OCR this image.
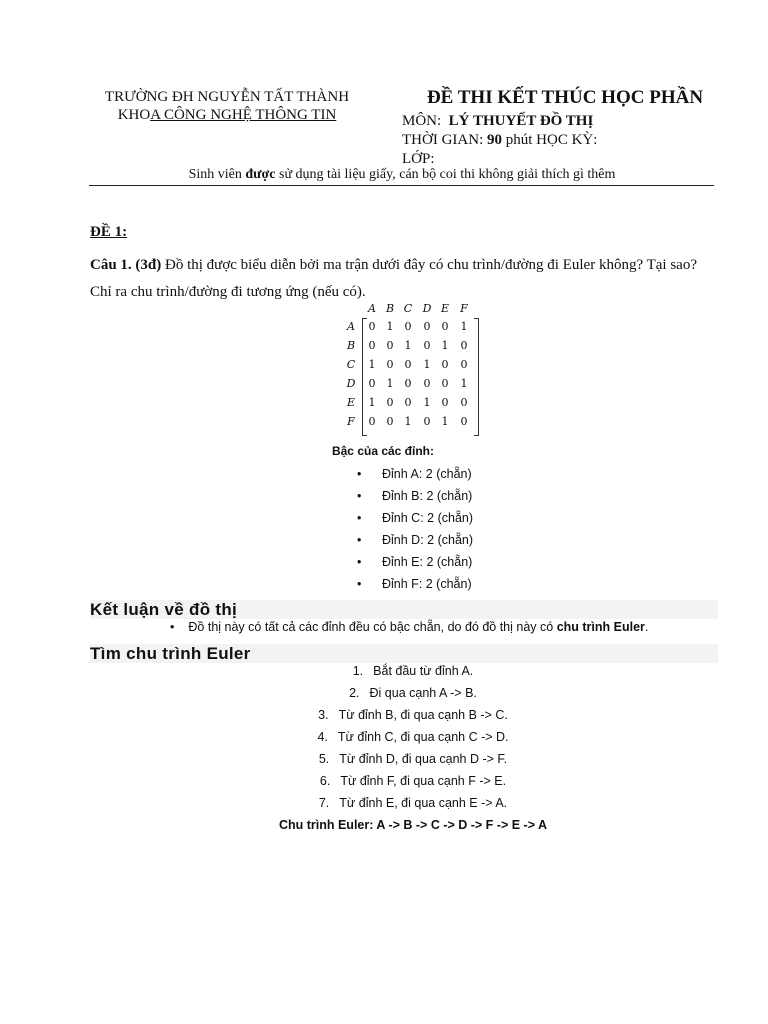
TRƯỜNG ĐH NGUYỄN TẤT THÀNH
KHOA CÔNG NGHỆ THÔNG TIN
ĐỀ THI KẾT THÚC HỌC PHẦN
MÔN: LÝ THUYẾT ĐỒ THỊ
THỜI GIAN: 90 phút HỌC KỲ:
LỚP:
Sinh viên được sử dụng tài liệu giấy, cán bộ coi thi không giải thích gì thêm
ĐỀ 1:
Câu 1. (3đ) Đồ thị được biểu diễn bởi ma trận dưới đây có chu trình/đường đi Euler không? Tại sao? Chỉ ra chu trình/đường đi tương ứng (nếu có).
A B C D E	F
A	0	1	0	0	0	1
B	0	0	1	0	1	0
C	1	0	0	1	0	0
D	0	1	0	0	0	1
E	1	0	0	1	0	0
F	0	0	1	0	1	0
Bậc của các đỉnh:
• Đỉnh A: 2 (chẵn)
• Đỉnh B: 2 (chẵn)
• Đỉnh C: 2 (chẵn)
• Đỉnh D: 2 (chẵn)
• Đỉnh E: 2 (chẵn)
• Đỉnh F: 2 (chẵn)
Kết luận về đồ thị
• Đồ thị này có tất cả các đỉnh đều có bậc chẵn, do đó đồ thị này có chu trình Euler.
Tìm chu trình Euler
1. Bắt đầu từ đỉnh A.
2. Đi qua cạnh A -> B.
3. Từ đỉnh B, đi qua cạnh B -> C.
4. Từ đỉnh C, đi qua cạnh C -> D.
5. Từ đỉnh D, đi qua cạnh D -> F.
6. Từ đỉnh F, đi qua cạnh F -> E.
7. Từ đỉnh E, đi qua cạnh E -> A.
Chu trình Euler: A -> B -> C -> D -> F -> E -> A
